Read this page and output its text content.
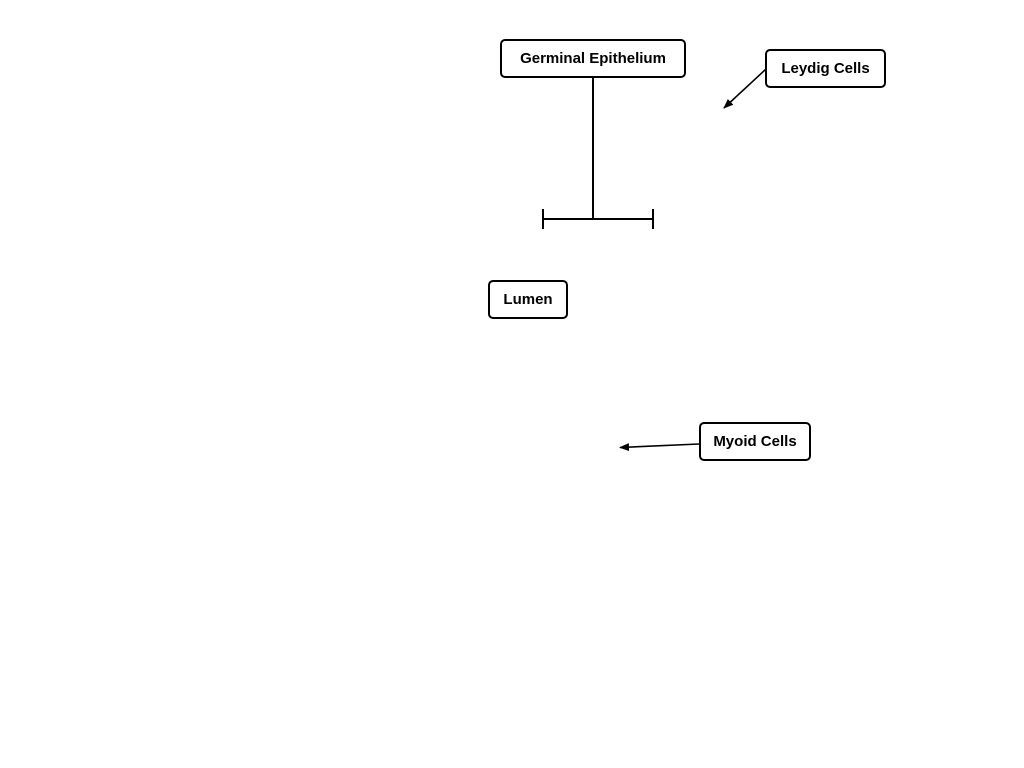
Germinal Epithelium
Leydig Cells
Lumen
Myoid Cells
